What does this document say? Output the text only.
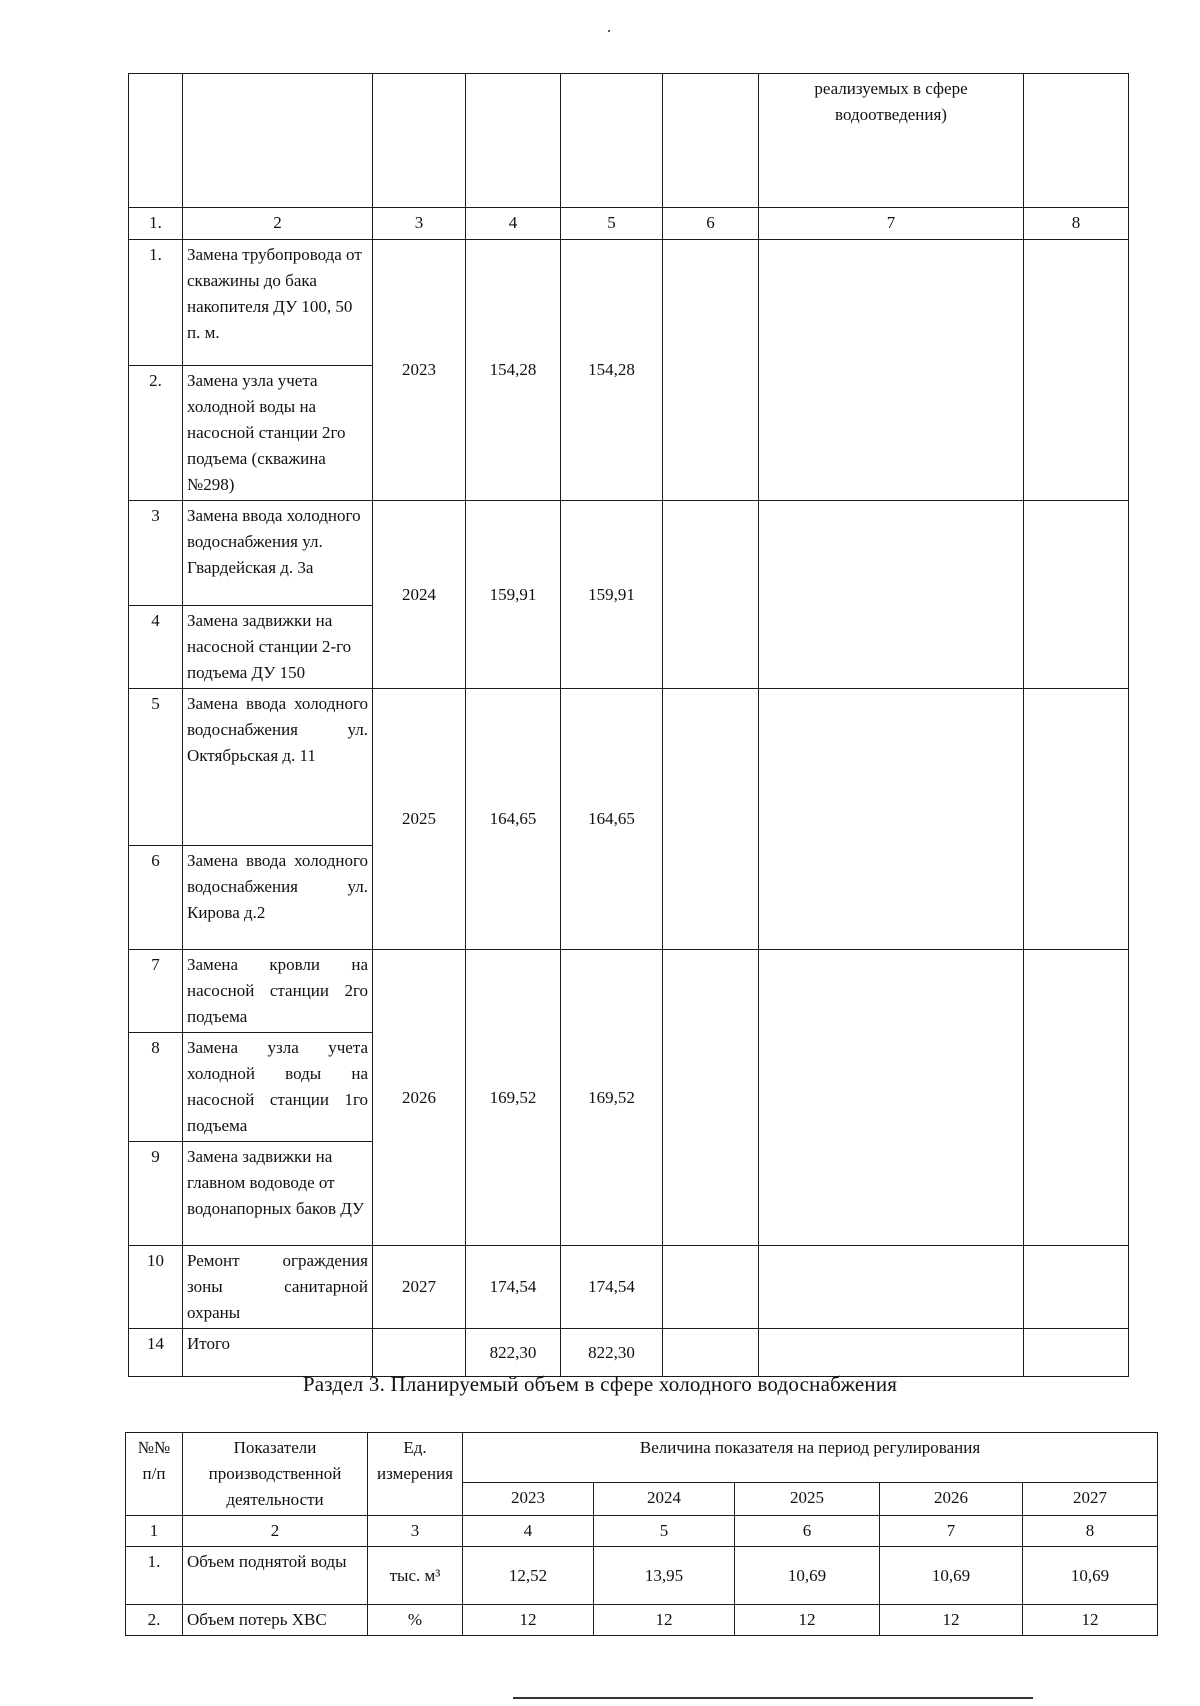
						реализуемых в сфере водоотведения)	
1.	2	3	4	5	6	7	8
1.	Замена трубопровода от скважины до бака накопителя ДУ 100, 50 п. м.	2023	154,28	154,28			
2.	Замена узла учета холодной воды на насосной станции 2го подъема (скважина №298)						
3	Замена ввода холодного водоснабжения ул. Гвардейская д. 3а	2024	159,91	159,91			
4	Замена задвижки на насосной станции 2-го подъема ДУ 150						
5	Замена ввода холодного водоснабжения ул. Октябрьская д. 11	2025	164,65	164,65			
6	Замена ввода холодного водоснабжения ул. Кирова д.2						
7	Замена кровли на насосной станции 2го подъема	2026	169,52	169,52			
8	Замена узла учета холодной воды на насосной станции 1го подъема						
9	Замена задвижки на главном водоводе от водонапорных баков ДУ						
10	Ремонт ограждения зоны санитарной охраны	2027	174,54	174,54			
14	Итого		822,30	822,30			
Раздел 3. Планируемый объем в сфере холодного водоснабжения
№№ п/п	Показатели производственной деятельности	Ед. измерения	Величина показателя на период регулирования				
			2023	2024	2025	2026	2027
1	2	3	4	5	6	7	8
1.	Объем поднятой воды	тыс. м³	12,52	13,95	10,69	10,69	10,69
2.	Объем потерь ХВС	%	12	12	12	12	12
